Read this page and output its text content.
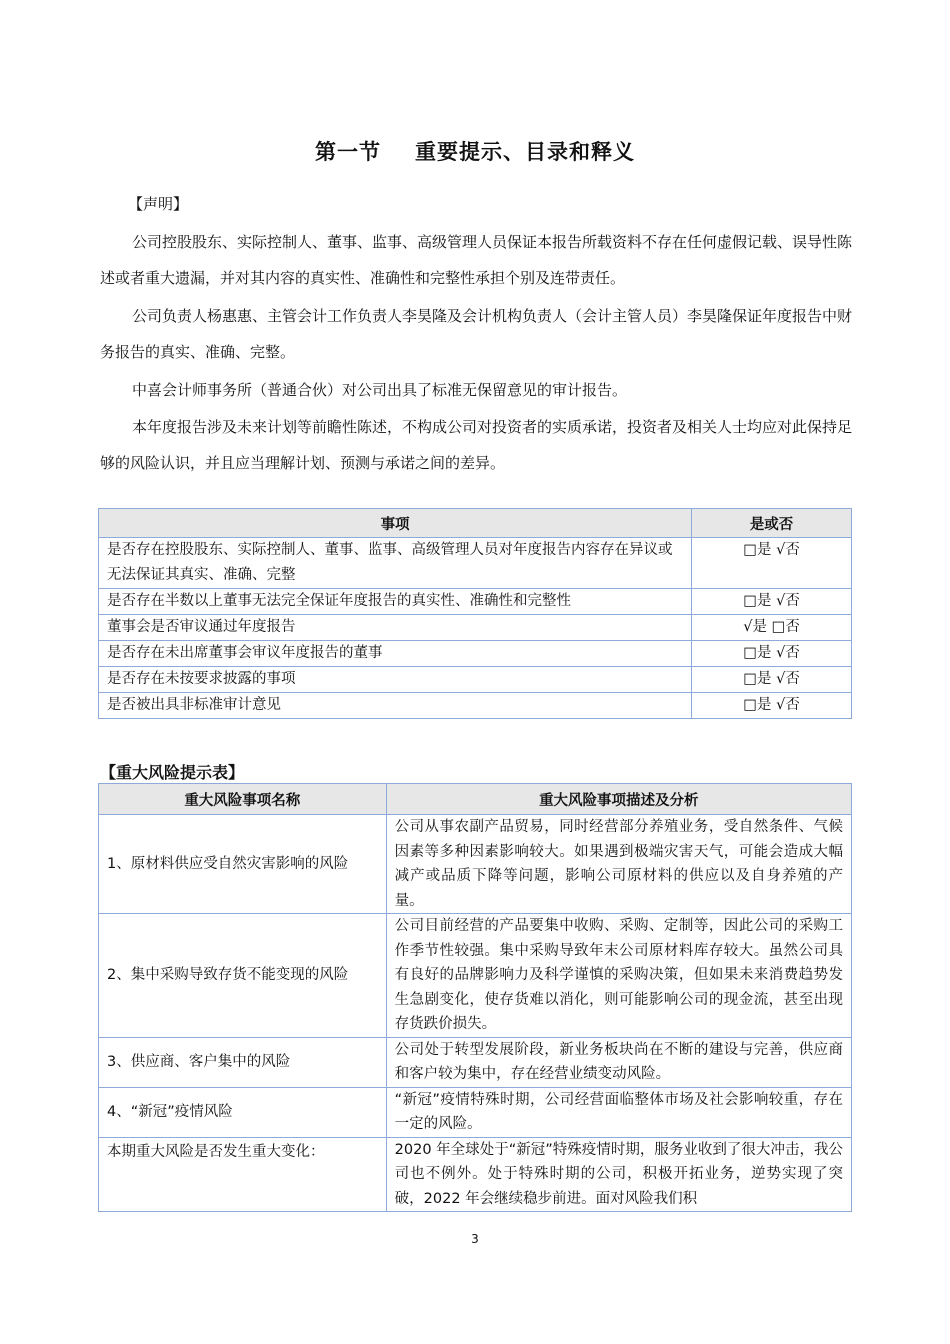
第一节 重要提示、目录和释义
【声明】
公司控股股东、实际控制人、董事、监事、高级管理人员保证本报告所载资料不存在任何虚假记载、误导性陈述或者重大遗漏，并对其内容的真实性、准确性和完整性承担个别及连带责任。
公司负责人杨惠惠、主管会计工作负责人李昊隆及会计机构负责人（会计主管人员）李昊隆保证年度报告中财务报告的真实、准确、完整。
中喜会计师事务所（普通合伙）对公司出具了标准无保留意见的审计报告。
本年度报告涉及未来计划等前瞻性陈述，不构成公司对投资者的实质承诺，投资者及相关人士均应对此保持足够的风险认识，并且应当理解计划、预测与承诺之间的差异。
事项	是或否
是否存在控股股东、实际控制人、董事、监事、高级管理人员对年度报告内容存在异议或无法保证其真实、准确、完整	□是 √否
是否存在半数以上董事无法完全保证年度报告的真实性、准确性和完整性	□是 √否
董事会是否审议通过年度报告	√是 □否
是否存在未出席董事会审议年度报告的董事	□是 √否
是否存在未按要求披露的事项	□是 √否
是否被出具非标准审计意见	□是 √否
【重大风险提示表】
重大风险事项名称	重大风险事项描述及分析
1、原材料供应受自然灾害影响的风险	公司从事农副产品贸易，同时经营部分养殖业务，受自然条件、气候因素等多种因素影响较大。如果遇到极端灾害天气，可能会造成大幅减产或品质下降等问题，影响公司原材料的供应以及自身养殖的产量。
2、集中采购导致存货不能变现的风险	公司目前经营的产品要集中收购、采购、定制等，因此公司的采购工作季节性较强。集中采购导致年末公司原材料库存较大。虽然公司具有良好的品牌影响力及科学谨慎的采购决策，但如果未来消费趋势发生急剧变化，使存货难以消化，则可能影响公司的现金流，甚至出现存货跌价损失。
3、供应商、客户集中的风险	公司处于转型发展阶段，新业务板块尚在不断的建设与完善，供应商和客户较为集中，存在经营业绩变动风险。
4、“新冠”疫情风险	“新冠”疫情特殊时期，公司经营面临整体市场及社会影响较重，存在一定的风险。
本期重大风险是否发生重大变化：	2020 年全球处于“新冠”特殊疫情时期，服务业收到了很大冲击，我公司也不例外。处于特殊时期的公司，积极开拓业务，逆势实现了突破，2022 年会继续稳步前进。面对风险我们积
3
